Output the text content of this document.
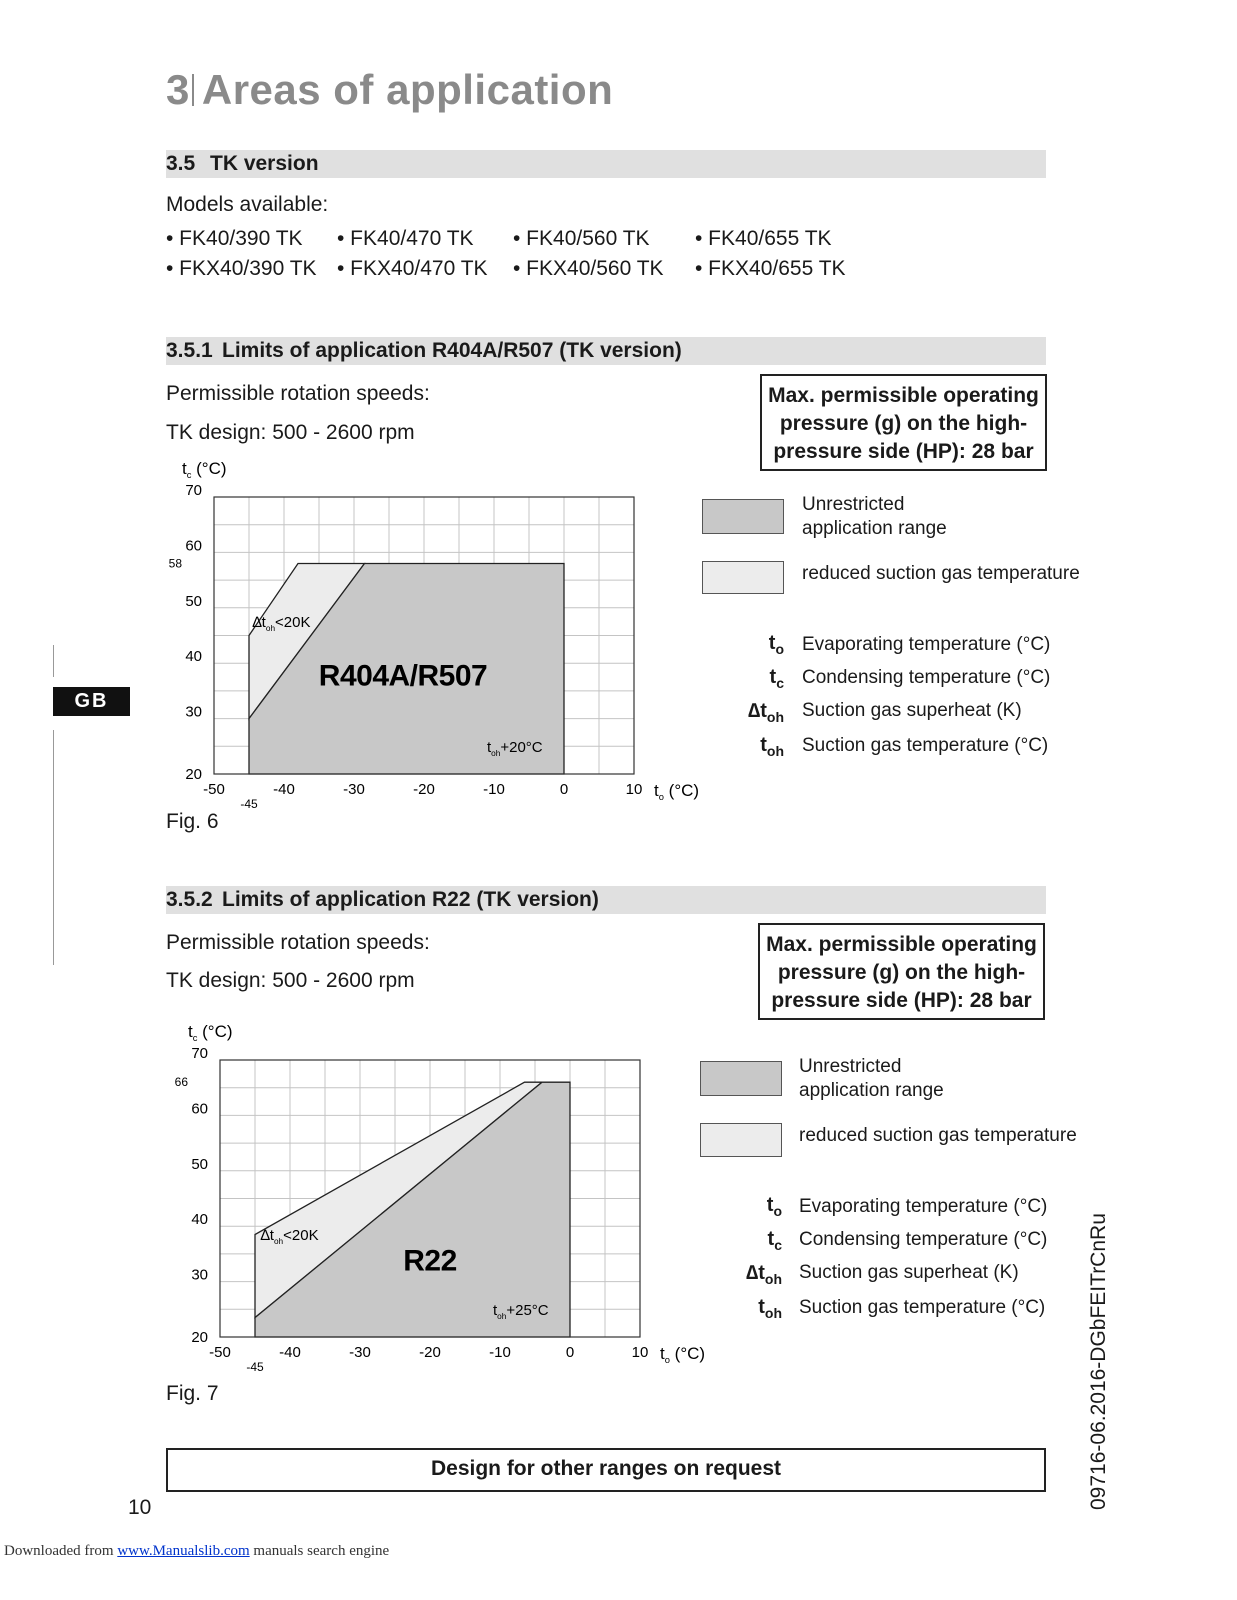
3 Areas of application
3.5 TK version
Models available:
• FK40/390 TK • FK40/470 TK • FK40/560 TK • FK40/655 TK
• FKX40/390 TK • FKX40/470 TK • FKX40/560 TK • FKX40/655 TK
3.5.1 Limits of application R404A/R507 (TK version)
Permissible rotation speeds:
TK design: 500 - 2600 rpm
Max. permissible operating
pressure (g) on the high-
pressure side (HP): 28 bar
-50	-40	-30	-20	-10	0	10
-45
20
30
40
50
60
70
58
$t_c$ (°C)
$t_o$ (°C)
$\Delta t_{oh}<20K$
$t_{oh}+20^\circ C$
R404A/R507
Fig. 6
Unrestricted
application range
reduced suction gas temperature
$t_o$ Evaporating temperature (°C)
$t_c$ Condensing temperature (°C)
$\Delta t_{oh}$ Suction gas superheat (K)
$t_{oh}$ Suction gas temperature (°C)
GB
3.5.2 Limits of application R22 (TK version)
Permissible rotation speeds:
TK design: 500 - 2600 rpm
Max. permissible operating
pressure (g) on the high-
pressure side (HP): 28 bar
-50	-40	-30	-20	-10	0	10
-45
20
30
40
50
60
70
66
$t_c$ (°C)
$t_o$ (°C)
$\Delta t_{oh}<20K$
$t_{oh}+25^\circ C$
R22
Fig. 7
Unrestricted
application range
reduced suction gas temperature
$t_o$ Evaporating temperature (°C)
$t_c$ Condensing temperature (°C)
$\Delta t_{oh}$ Suction gas superheat (K)
$t_{oh}$ Suction gas temperature (°C)
Design for other ranges on request
10	09716-06.2016-DGbFEITrCnRu
Downloaded from www.Manualslib.com manuals search engine
